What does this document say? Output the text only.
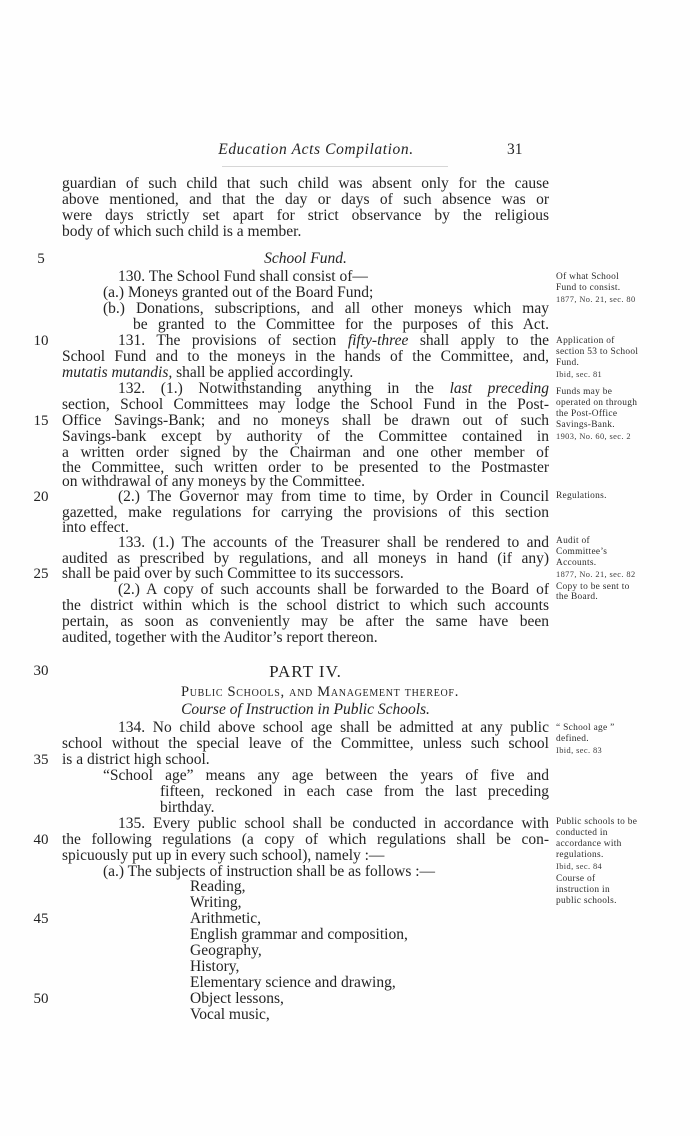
Education Acts Compilation.	31
5
10
15
20
25
30
35
40
45
50
guardian of such child that such child was absent only for the cause
above mentioned, and that the day or days of such absence was or
were days strictly set apart for strict observance by the religious
body of which such child is a member.
School Fund.
130. The School Fund shall consist of—
(a.) Moneys granted out of the Board Fund;
(b.) Donations, subscriptions, and all other moneys which may
be granted to the Committee for the purposes of this Act.
131. The provisions of section fifty-three shall apply to the
School Fund and to the moneys in the hands of the Committee, and,
mutatis mutandis, shall be applied accordingly.
132. (1.) Notwithstanding anything in the last preceding
section, School Committees may lodge the School Fund in the Post-
Office Savings-Bank; and no moneys shall be drawn out of such
Savings-bank except by authority of the Committee contained in
a written order signed by the Chairman and one other member of
the Committee, such written order to be presented to the Postmaster
on withdrawal of any moneys by the Committee.
(2.) The Governor may from time to time, by Order in Council
gazetted, make regulations for carrying the provisions of this section
into effect.
133. (1.) The accounts of the Treasurer shall be rendered to and
audited as prescribed by regulations, and all moneys in hand (if any)
shall be paid over by such Committee to its successors.
(2.) A copy of such accounts shall be forwarded to the Board of
the district within which is the school district to which such accounts
pertain, as soon as conveniently may be after the same have been
audited, together with the Auditor’s report thereon.
PART IV.
Public Schools, and Management thereof.
Course of Instruction in Public Schools.
134. No child above school age shall be admitted at any public
school without the special leave of the Committee, unless such school
is a district high school.
“School age” means any age between the years of five and
fifteen, reckoned in each case from the last preceding
birthday.
135. Every public school shall be conducted in accordance with
the following regulations (a copy of which regulations shall be con-
spicuously put up in every such school), namely :—
(a.) The subjects of instruction shall be as follows :—
Reading,
Writing,
Arithmetic,
English grammar and composition,
Geography,
History,
Elementary science and drawing,
Object lessons,
Vocal music,
Of what School
Fund to consist.
1877, No. 21, sec. 80
Application of
section 53 to School
Fund.
Ibid, sec. 81
Funds may be
operated on through
the Post-Office
Savings-Bank.
1903, No. 60, sec. 2
Regulations.
Audit of
Committee’s
Accounts.
1877, No. 21, sec. 82
Copy to be sent to
the Board.
“ School age ”
defined.
Ibid, sec. 83
Public schools to be
conducted in
accordance with
regulations.
Ibid, sec. 84
Course of
instruction in
public schools.
